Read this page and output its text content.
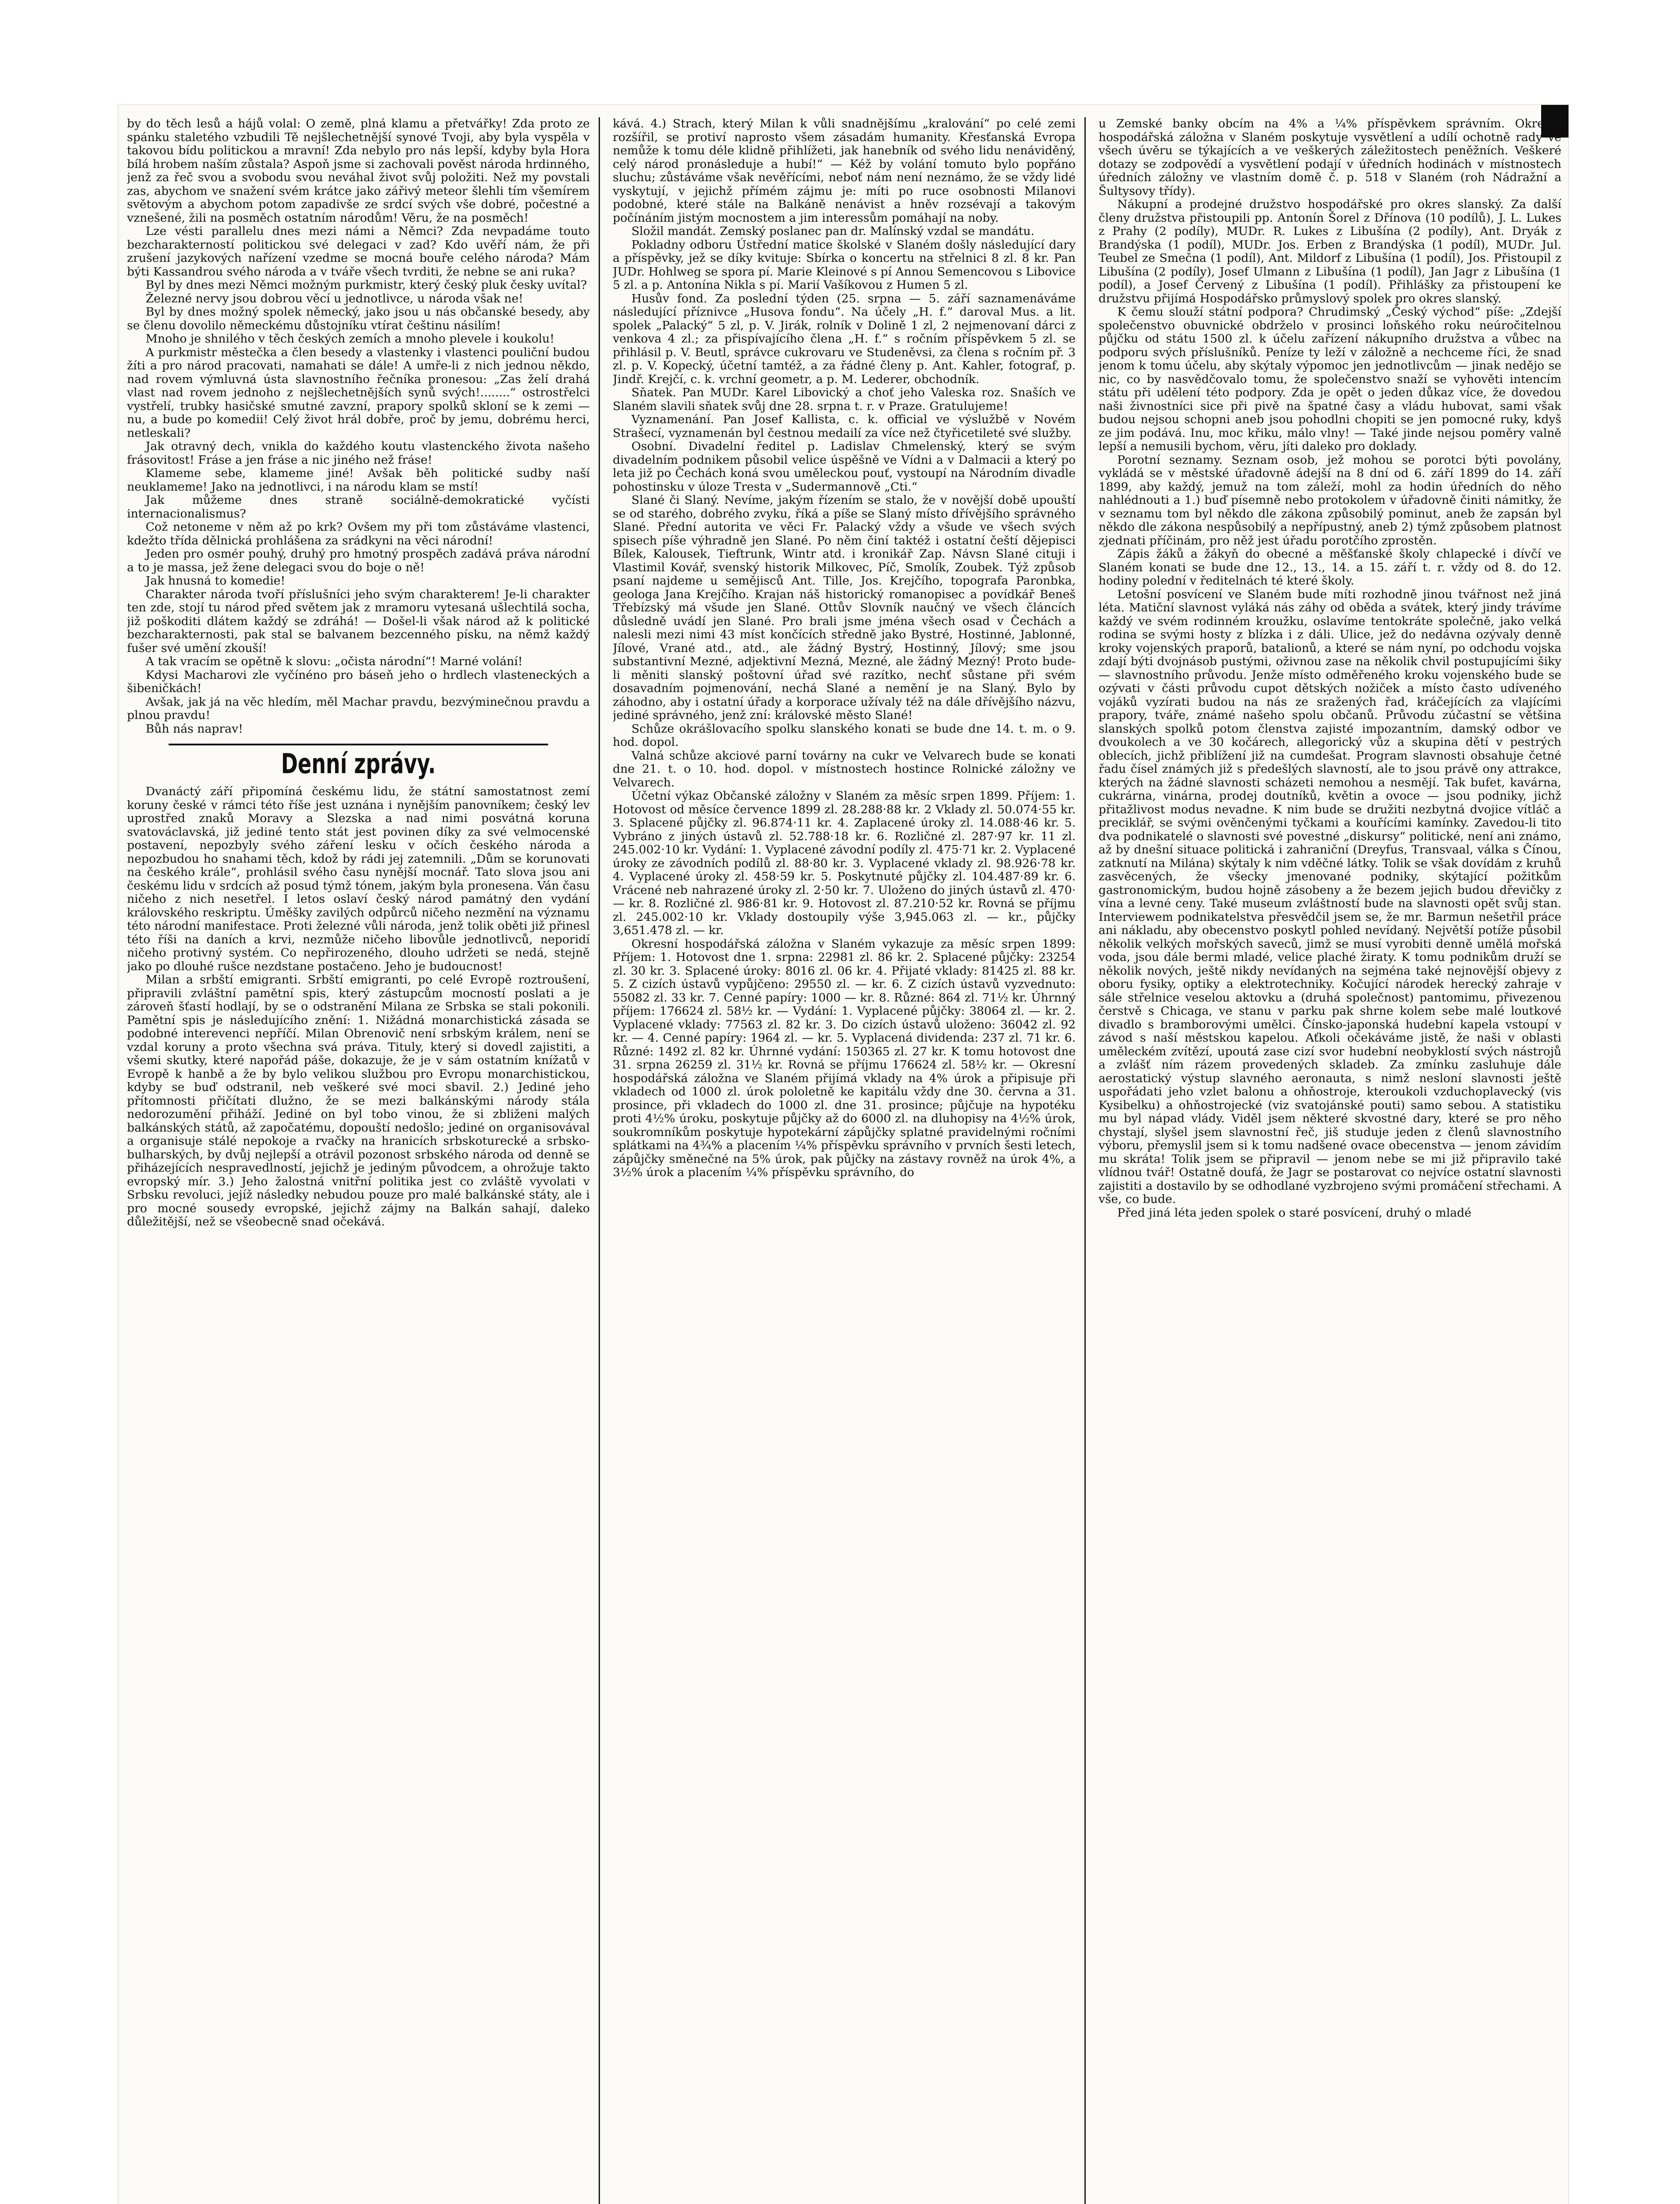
by do těch lesů a hájů volal: O země, plná klamu a přetvářky! Zda proto ze spánku staletého vzbudili Tě nejšlechetnější synové Tvoji, aby byla vyspěla v takovou bídu politickou a mravní! Zda nebylo pro nás lepší, kdyby byla Hora bílá hrobem naším zůstala? Aspoň jsme si zachovali pověst národa hrdinného, jenž za řeč svou a svobodu svou neváhal život svůj položiti. Než my povstali zas, abychom ve snažení svém krátce jako zářivý meteor šlehli tím všemírem světovým a abychom potom zapadivše ze srdcí svých vše dobré, počestné a vznešené, žili na posměch ostatním národům! Věru, že na posměch!

Lze vésti parallelu dnes mezi námi a Němci? Zda nevpadáme touto bezcharakterností politickou své delegaci v zad? Kdo uvěří nám, že při zrušení jazykových nařízení vzedme se mocná bouře celého národa? Mám býti Kassandrou svého národa a v tváře všech tvrditi, že nebne se ani ruka?

Byl by dnes mezi Němci možným purkmistr, který český pluk česky uvítal?

Železné nervy jsou dobrou věcí u jednotlivce, u národa však ne!

Byl by dnes možný spolek německý, jako jsou u nás občanské besedy, aby se členu dovolilo německému důstojníku vtírat češtinu násilím!

Mnoho je shnilého v těch českých zemích a mnoho plevele i koukolu!

A purkmistr městečka a člen besedy a vlastenky i vlastenci pouliční budou žíti a pro národ pracovati, namahati se dále! A umře-li z nich jednou někdo, nad rovem výmluvná ústa slavnostního řečníka pronesou: „Zas želí drahá vlast nad rovem jednoho z nejšlechetnějších synů svých!........“ ostrostřelci vystřelí, trubky hasičské smutné zavzní, prapory spolků skloní se k zemi — nu, a bude po komedii! Celý život hrál dobře, proč by jemu, dobrému herci, netleskali?

Jak otravný dech, vnikla do každého koutu vlastenckého života našeho frásovitost! Fráse a jen fráse a nic jiného než fráse!

Klameme sebe, klameme jiné! Avšak běh politické sudby naší neuklameme! Jako na jednotlivci, i na národu klam se mstí!

Jak můžeme dnes straně sociálně-demokratické vyčísti internacionalismus?

Což netoneme v něm až po krk? Ovšem my při tom zůstáváme vlastenci, kdežto třída dělnická prohlášena za srádkyni na věci národní!

Jeden pro osmér pouhý, druhý pro hmotný prospěch zadává práva národní a to je massa, jež žene delegaci svou do boje o ně!

Jak hnusná to komedie!

Charakter národa tvoří příslušníci jeho svým charakterem! Je-li charakter ten zde, stojí tu národ před světem jak z mramoru vytesaná ušlechtilá socha, již poškoditi dlátem každý se zdráhá! — Došel-li však národ až k politické bezcharakternosti, pak stal se balvanem bezcenného písku, na němž každý fušer své umění zkouší!

A tak vracím se opětně k slovu: „očista národní“! Marné volání!

Kdysi Macharovi zle vyčínéno pro báseň jeho o hrdlech vlasteneckých a šibeničkách!

Avšak, jak já na věc hledím, měl Machar pravdu, bezvýminečnou pravdu a plnou pravdu!

Bůh nás naprav!

Denní zprávy.

Dvanáctý září připomíná českému lidu, že státní samostatnost zemí koruny české v rámci této říše jest uznána i nynějším panovníkem; český lev uprostřed znaků Moravy a Slezska a nad nimi posvátná koruna svatováclavská, již jediné tento stát jest povinen díky za své velmocenské postavení, nepozbyly svého záření lesku v očích českého národa a nepozbudou ho snahami těch, kdož by rádi jej zatemnili. „Dům se korunovati na českého krále“, prohlásil svého času nynější mocnář. Tato slova jsou ani českému lidu v srdcích až posud týmž tónem, jakým byla pronesena. Ván času ničeho z nich nesetřel. I letos oslaví český národ památný den vydání královského reskriptu. Úměšky zavilých odpůrců ničeho nezmění na významu této národní manifestace. Proti železné vůli národa, jenž tolik oběti již přinesl této říši na daních a krvi, nezmůže ničeho libovůle jednotlivců, neporidí ničeho protivný systém. Co nepřirozeného, dlouho udržeti se nedá, stejně jako po dlouhé rušce nezdstane postačeno. Jeho je budoucnost!

Milan a srbští emigranti. Srbští emigranti, po celé Evropě roztroušení, připravili zvláštní pamětní spis, který zástupcům mocností poslati a je zároveň šťastí hodlají, by se o odstranění Milana ze Srbska se stali pokonili. Pamětní spis je následujícího znění: 1. Nižádná monarchistická zásada se podobné interevenci nepříčí. Milan Obrenovič není srbským králem, není se vzdal koruny a proto všechna svá práva. Tituly, který si dovedl zajistiti, a všemi skutky, které napořád páše, dokazuje, že je v sám ostatním knížatů v Evropě k hanbě a že by bylo velikou službou pro Evropu monarchistickou, kdyby se buď odstranil, neb veškeré své moci sbavil. 2.) Jediné jeho přítomnosti přičítati dlužno, že se mezi balkánskými národy stála nedorozumění přiháží. Jediné on byl tobo vinou, že si zbliženi malých balkánských států, až započatému, dopouští nedošlo; jediné on organisovával a organisuje stálé nepokoje a rvačky na hranicích srbskoturecké a srbsko-bulharských, by dvůj nejlepší a otrávil pozonost srbského národa od denně se přiházejících nespravedlností, jejichž je jediným původcem, a ohrožuje takto evropský mír. 3.) Jeho žalostná vnitřní politika jest co zvláště vyvolati v Srbsku revoluci, jejíž následky nebudou pouze pro malé balkánské státy, ale i pro mocné sousedy evropské, jejichž zájmy na Balkán sahají, daleko důležitější, než se všeobecně snad očekává.

kává. 4.) Strach, který Milan k vůli snadnějšímu „kralování“ po celé zemi rozšířil, se protiví naprosto všem zásadám humanity. Křesťanská Evropa nemůže k tomu déle klidně přihlížeti, jak hanebník od svého lidu nenáviděný, celý národ pronásleduje a hubí!“ — Kéž by volání tomuto bylo popřáno sluchu; zůstáváme však nevěřícími, neboť nám není neznámo, že se vždy lidé vyskytují, v jejichž přímém zájmu je: míti po ruce osobnosti Milanovi podobné, které stále na Balkáně nenávist a hněv rozsévají a takovým počínáním jistým mocnostem a jim interessům pomáhají na noby.

Složil mandát. Zemský poslanec pan dr. Malínský vzdal se mandátu.

Pokladny odboru Ústřední matice školské v Slaném došly následující dary a příspěvky, jež se díky kvituje: Sbírka o koncertu na střelnici 8 zl. 8 kr. Pan JUDr. Hohlweg se spora pí. Marie Kleinové s pí Annou Semencovou s Libovice 5 zl. a p. Antonína Nikla s pí. Marií Vašíkovou z Humen 5 zl.

Husův fond. Za poslední týden (25. srpna — 5. září saznamenáváme následující příznivce „Husova fondu“. Na účely „H. f.“ daroval Mus. a lit. spolek „Palacký“ 5 zl, p. V. Jirák, rolník v Dolině 1 zl, 2 nejmenovaní dárci z venkova 4 zl.; za přispívajícího člena „H. f.“ s ročním příspěvkem 5 zl. se přihlásil p. V. Beutl, správce cukrovaru ve Studeněvsi, za člena s ročním př. 3 zl. p. V. Kopecký, účetní tamtéž, a za řádné členy p. Ant. Kahler, fotograf, p. Jindř. Krejčí, c. k. vrchní geometr, a p. M. Lederer, obchodník.

Sňatek. Pan MUDr. Karel Libovický a choť jeho Valeska roz. Snaších ve Slaném slavili sňatek svůj dne 28. srpna t. r. v Praze. Gratulujeme!

Vyznamenání. Pan Josef Kallista, c. k. official ve výslužbě v Novém Strašecí, vyznamenán byl čestnou medailí za více než čtyřicetileté své služby.

Osobní. Divadelní ředitel p. Ladislav Chmelenský, který se svým divadelním podnikem působil velice úspěšně ve Vídni a v Dalmacii a který po leta již po Čechách koná svou uměleckou pouť, vystoupí na Národním divadle pohostinsku v úloze Tresta v „Sudermannově „Cti.“

Slané či Slaný. Nevíme, jakým řízením se stalo, že v novější době upouští se od starého, dobrého zvyku, říká a píše se Slaný místo dřívějšího správného Slané. Přední autorita ve věci Fr. Palacký vždy a všude ve všech svých spisech píše výhradně jen Slané. Po něm činí taktéž i ostatní čeští dějepisci Bílek, Kalousek, Tieftrunk, Wintr atd. i kronikář Zap. Návsn Slané cituji i Vlastimil Kovář, svenský historik Milkovec, Píč, Smolík, Zoubek. Týž způsob psaní najdeme u semějisců Ant. Tille, Jos. Krejčího, topografa Paronbka, geologa Jana Krejčího. Krajan náš historický romanopisec a povídkář Beneš Třebízský má všude jen Slané. Ottův Slovník naučný ve všech článcích důsledně uvádí jen Slané. Pro brali jsme jména všech osad v Čechách a nalesli mezi nimi 43 míst končících středně jako Bystré, Hostinné, Jablonné, Jílové, Vrané atd., atd., ale žádný Bystrý, Hostinný, Jílový; sme jsou substantivní Mezné, adjektivní Mezná, Mezné, ale žádný Mezný! Proto bude-li měniti slanský poštovní úřad své razítko, nechť sůstane při svém dosavadním pojmenování, nechá Slané a nemění je na Slaný. Bylo by záhodno, aby i ostatní úřady a korporace užívaly též na dále dřívějšího názvu, jediné správného, jenž zní: královské město Slané!

Schůze okrášlovacího spolku slanského konati se bude dne 14. t. m. o 9. hod. dopol.

Valná schůze akciové parní továrny na cukr ve Velvarech bude se konati dne 21. t. o 10. hod. dopol. v místnostech hostince Rolnické záložny ve Velvarech.

Účetní výkaz Občanské záložny v Slaném za měsíc srpen 1899. Příjem: 1. Hotovost od měsíce července 1899 zl. 28.288·88 kr. 2 Vklady zl. 50.074·55 kr. 3. Splacené půjčky zl. 96.874·11 kr. 4. Zaplacené úroky zl. 14.088·46 kr. 5. Vybráno z jiných ústavů zl. 52.788·18 kr. 6. Rozličné zl. 287·97 kr. 11 zl. 245.002·10 kr. Vydání: 1. Vyplacené závodní podíly zl. 475·71 kr. 2. Vyplacené úroky ze závodních podílů zl. 88·80 kr. 3. Vyplacené vklady zl. 98.926·78 kr. 4. Vyplacené úroky zl. 458·59 kr. 5. Poskytnuté půjčky zl. 104.487·89 kr. 6. Vrácené neb nahrazené úroky zl. 2·50 kr. 7. Uloženo do jiných ústavů zl. 470·— kr. 8. Rozličné zl. 986·81 kr. 9. Hotovost zl. 87.210·52 kr. Rovná se příjmu zl. 245.002·10 kr. Vklady dostoupily výše 3,945.063 zl. — kr., půjčky 3,651.478 zl. — kr.

Okresní hospodářská záložna v Slaném vykazuje za měsíc srpen 1899: Příjem: 1. Hotovost dne 1. srpna: 22981 zl. 86 kr. 2. Splacené půjčky: 23254 zl. 30 kr. 3. Splacené úroky: 8016 zl. 06 kr. 4. Přijaté vklady: 81425 zl. 88 kr. 5. Z cizích ústavů vypůjčeno: 29550 zl. — kr. 6. Z cizích ústavů vyzvednuto: 55082 zl. 33 kr. 7. Cenné papíry: 1000 — kr. 8. Různé: 864 zl. 71½ kr. Úhrnný příjem: 176624 zl. 58½ kr. — Vydání: 1. Vyplacené půjčky: 38064 zl. — kr. 2. Vyplacené vklady: 77563 zl. 82 kr. 3. Do cizích ústavů uloženo: 36042 zl. 92 kr. — 4. Cenné papíry: 1964 zl. — kr. 5. Vyplacená dividenda: 237 zl. 71 kr. 6. Různé: 1492 zl. 82 kr. Úhrnné vydání: 150365 zl. 27 kr. K tomu hotovost dne 31. srpna 26259 zl. 31½ kr. Rovná se příjmu 176624 zl. 58½ kr. — Okresní hospodářská záložna ve Slaném přijímá vklady na 4% úrok a připisuje při vkladech od 1000 zl. úrok pololetně ke kapitálu vždy dne 30. června a 31. prosince, při vkladech do 1000 zl. dne 31. prosince; půjčuje na hypotéku proti 4½% úroku, poskytuje půjčky až do 6000 zl. na dluhopisy na 4½% úrok, soukromníkům poskytuje hypotekární zápůjčky splatné pravidelnými ročními splátkami na 4¾% a placením ¼% příspěvku správního v prvních šesti letech, zápůjčky směnečné na 5% úrok, pak půjčky na zástavy rovněž na úrok 4%, a 3½% úrok a placením ¼% příspěvku správního, do

u Zemské banky obcím na 4% a ¼% příspěvkem správním. Okresní hospodářská záložna v Slaném poskytuje vysvětlení a udílí ochotně rady ve všech úvěru se týkajících a ve veškerých záležitostech peněžních. Veškeré dotazy se zodpovědí a vysvětlení podají v úředních hodinách v místnostech úředních záložny ve vlastním domě č. p. 518 v Slaném (roh Nádražní a Šultysovy třídy).

Nákupní a prodejné družstvo hospodářské pro okres slanský. Za další členy družstva přistoupili pp. Antonín Šorel z Dřínova (10 podílů), J. L. Lukes z Prahy (2 podíly), MUDr. R. Lukes z Libušína (2 podíly), Ant. Dryák z Brandýska (1 podíl), MUDr. Jos. Erben z Brandýska (1 podíl), MUDr. Jul. Teubel ze Smečna (1 podíl), Ant. Mildorf z Libušína (1 podíl), Jos. Přistoupil z Libušína (2 podíly), Josef Ulmann z Libušína (1 podíl), Jan Jagr z Libušína (1 podíl), a Josef Červený z Libušína (1 podíl). Přihlášky za přistoupení ke družstvu přijímá Hospodářsko průmyslový spolek pro okres slanský.

K čemu slouží státní podpora? Chrudimský „Český východ“ píše: „Zdejší společenstvo obuvnické obdrželo v prosinci loňského roku neúročitelnou půjčku od státu 1500 zl. k účelu zařízení nákupního družstva a vůbec na podporu svých příslušníků. Peníze ty leží v záložně a nechceme říci, že snad jenom k tomu účelu, aby skýtaly výpomoc jen jednotlivcům — jinak nedějo se nic, co by nasvědčovalo tomu, že společenstvo snaží se vyhověti intencím státu při udělení této podpory. Zda je opět o jeden důkaz více, že dovedou naši živnostníci sice při pivě na špatné časy a vládu hubovat, sami však budou nejsou schopni aneb jsou pohodlni chopiti se jen pomocné ruky, kdyš ze jim podává. Inu, moc křiku, málo vlny! — Také jinde nejsou poměry valně lepší a nemusili bychom, věru, jíti daleko pro doklady.

Porotní seznamy. Seznam osob, jež mohou se porotci býti povolány, vykládá se v městské úřadovně ádejší na 8 dní od 6. září 1899 do 14. září 1899, aby každý, jemuž na tom záleží, mohl za hodin úředních do něho nahlédnouti a 1.) buď písemně nebo protokolem v úřadovně činiti námitky, že v seznamu tom byl někdo dle zákona způsobilý pominut, aneb že zapsán byl někdo dle zákona nespůsobilý a nepřípustný, aneb 2) týmž způsobem platnost zjednati příčinám, pro něž jest úřadu porotčího zprostěn.

Zápis žáků a žákyň do obecné a měšťanské školy chlapecké i dívčí ve Slaném konati se bude dne 12., 13., 14. a 15. září t. r. vždy od 8. do 12. hodiny polední v ředitelnách té které školy.

Letošní posvícení ve Slaném bude míti rozhodně jinou tvářnost než jiná léta. Matiční slavnost vyláká nás záhy od oběda a svátek, který jindy trávíme každý ve svém rodinném kroužku, oslavíme tentokráte společně, jako velká rodina se svými hosty z blízka i z dáli. Ulice, jež do nedávna ozývaly denně kroky vojenských praporů, batalionů, a které se nám nyní, po odchodu vojska zdají býti dvojnásob pustými, oživnou zase na několik chvil postupujícími šiky — slavnostního průvodu. Jenže místo odměřeného kroku vojenského bude se ozývati v části průvodu cupot dětských nožiček a místo často udíveného vojáků vyzírati budou na nás ze sražených řad, kráčejících za vlajícími prapory, tváře, známé našeho spolu občanů. Průvodu zúčastní se většina slanských spolků potom členstva zajisté impozantním, damský odbor ve dvoukolech a ve 30 kočárech, allegorický vůz a skupina dětí v pestrých oblecích, jichž přiblížení již na cumdešat. Program slavnosti obsahuje četné řadu čísel známých již s předešlých slavností, ale to jsou právě ony attrakce, kterých na žádné slavnosti scházeti nemohou a nesmějí. Tak bufet, kavárna, cukrárna, vinárna, prodej doutníků, květin a ovoce — jsou podniky, jichž přitažlivost modus nevadne. K nim bude se družiti nezbytná dvojice vítláč a preciklář, se svými ověnčenými tyčkami a kouřícími kamínky. Zavedou-li tito dva podnikatelé o slavnosti své povestné „diskursy“ politické, není ani známo, až by dnešní situace politická i zahraniční (Dreyfus, Transvaal, válka s Čínou, zatknutí na Milána) skýtaly k nim vděčné látky. Tolik se však dovídám z kruhů zasvěcených, že všecky jmenované podniky, skýtající požitkům gastronomickým, budou hojně zásobeny a že bezem jejich budou dřevičky z vína a levné ceny. Také museum zvláštností bude na slavnosti opět svůj stan. Interviewem podnikatelstva přesvědčil jsem se, že mr. Barmun nešetřil práce ani nákladu, aby obecenstvo poskytl pohled nevídaný. Největší potíže působil několik velkých mořských saveců, jimž se musí vyrobiti denně umělá mořská voda, jsou dále bermi mladé, velice plaché žiraty. K tomu podnikům druží se několik nových, ještě nikdy nevídaných na sejména také nejnovější objevy z oboru fysiky, optiky a elektrotechniky. Kočující národek herecký zahraje v sále střelnice veselou aktovku a (druhá společnost) pantomimu, přivezenou čerstvě s Chicaga, ve stanu v parku pak shrne kolem sebe malé loutkové divadlo s bramborovými umělci. Čínsko-japonská hudební kapela vstoupí v závod s naší městskou kapelou. Aťkoli očekáváme jistě, že naši v oblasti uměleckém zvítězí, upoutá zase cizí svor hudební neobyklostí svých nástrojů a zvlášť ním rázem provedených skladeb. Za zmínku zasluhuje dále aerostatický výstup slavného aeronauta, s nimž nesloní slavnosti ještě uspořádati jeho vzlet balonu a ohňostroje, kteroukoli vzduchoplavecký (vis Kysibelku) a ohňostrojecké (viz svatojánské pouti) samo sebou. A statistiku mu byl nápad vlády. Viděl jsem některé skvostné dary, které se pro něho chystají, slyšel jsem slavnostní řeč, jiš studuje jeden z členů slavnostního výboru, přemyslil jsem si k tomu nadšené ovace obecenstva — jenom závidím mu skráta! Tolik jsem se připravil — jenom nebe se mi již připravilo také vlídnou tvář! Ostatně doufá, že Jagr se postarovat co nejvíce ostatní slavnosti zajistiti a dostavilo by se odhodlané vyzbrojeno svými promáčení střechami. A vše, co bude.

Před jiná léta jeden spolek o staré posvícení, druhý o mladé
